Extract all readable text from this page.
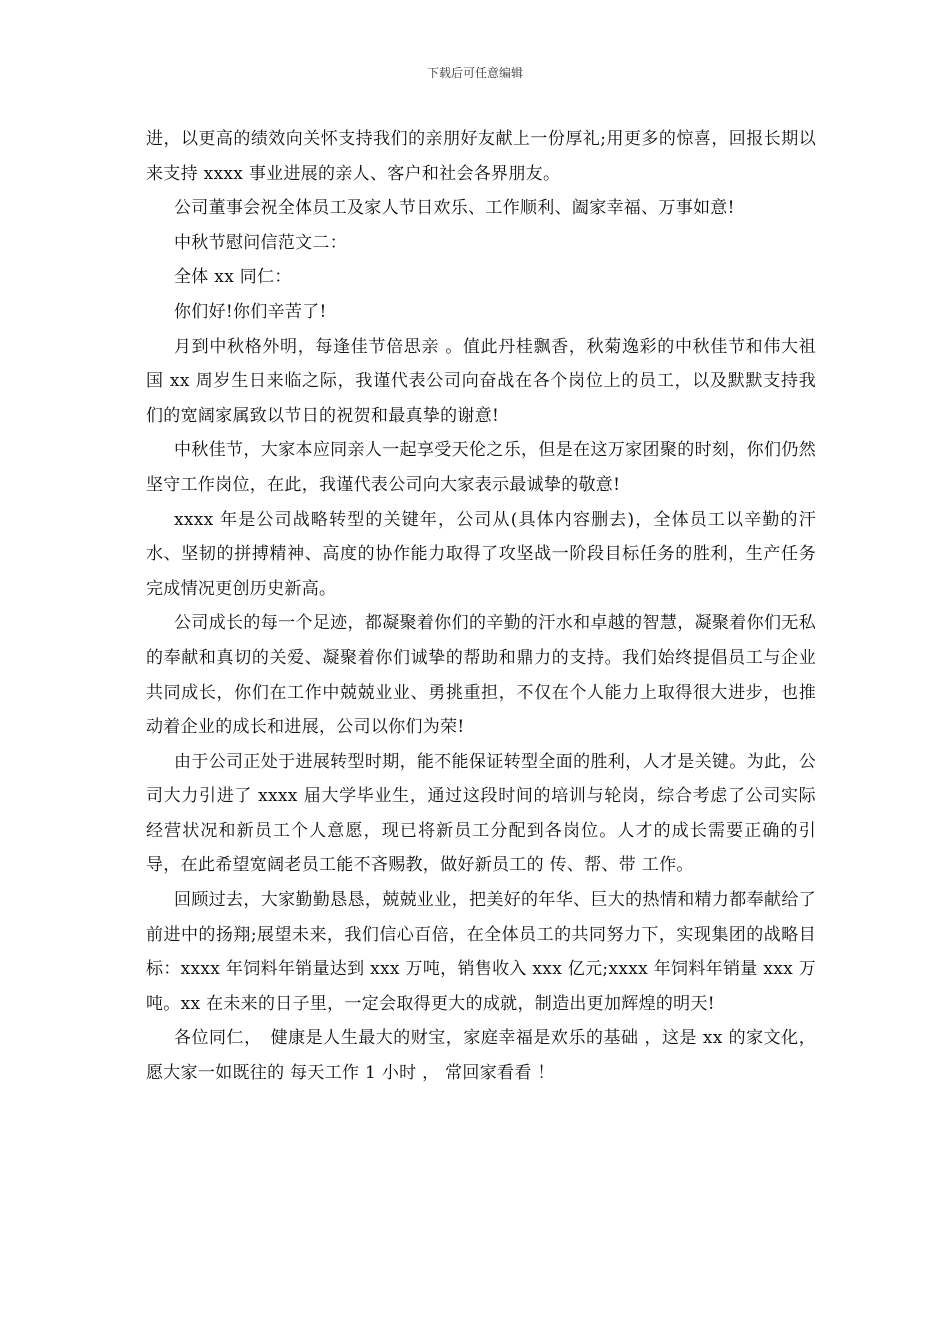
下载后可任意编辑

进，以更高的绩效向关怀支持我们的亲朋好友献上一份厚礼;用更多的惊喜，回报长期以来支持 xxxx 事业进展的亲人、客户和社会各界朋友。

公司董事会祝全体员工及家人节日欢乐、工作顺利、阖家幸福、万事如意!

中秋节慰问信范文二：

全体 xx 同仁：

你们好!你们辛苦了!

月到中秋格外明，每逢佳节倍思亲 。值此丹桂飘香，秋菊逸彩的中秋佳节和伟大祖国 xx 周岁生日来临之际，我谨代表公司向奋战在各个岗位上的员工，以及默默支持我们的宽阔家属致以节日的祝贺和最真挚的谢意!

中秋佳节，大家本应同亲人一起享受天伦之乐，但是在这万家团聚的时刻，你们仍然坚守工作岗位，在此，我谨代表公司向大家表示最诚挚的敬意!

xxxx 年是公司战略转型的关键年，公司从(具体内容删去)，全体员工以辛勤的汗水、坚韧的拼搏精神、高度的协作能力取得了攻坚战一阶段目标任务的胜利，生产任务完成情况更创历史新高。

公司成长的每一个足迹，都凝聚着你们的辛勤的汗水和卓越的智慧，凝聚着你们无私的奉献和真切的关爱、凝聚着你们诚挚的帮助和鼎力的支持。我们始终提倡员工与企业共同成长，你们在工作中兢兢业业、勇挑重担，不仅在个人能力上取得很大进步，也推动着企业的成长和进展，公司以你们为荣!

由于公司正处于进展转型时期，能不能保证转型全面的胜利，人才是关键。为此，公司大力引进了 xxxx 届大学毕业生，通过这段时间的培训与轮岗，综合考虑了公司实际经营状况和新员工个人意愿，现已将新员工分配到各岗位。人才的成长需要正确的引导，在此希望宽阔老员工能不吝赐教，做好新员工的 传、帮、带 工作。

回顾过去，大家勤勤恳恳，兢兢业业，把美好的年华、巨大的热情和精力都奉献给了前进中的扬翔;展望未来，我们信心百倍，在全体员工的共同努力下，实现集团的战略目标：xxxx 年饲料年销量达到 xxx 万吨，销售收入 xxx 亿元;xxxx 年饲料年销量 xxx 万吨。xx 在未来的日子里，一定会取得更大的成就，制造出更加辉煌的明天!

各位同仁，　健康是人生最大的财宝，家庭幸福是欢乐的基础 ，这是 xx 的家文化，愿大家一如既往的 每天工作 1 小时 ， 常回家看看 ！
